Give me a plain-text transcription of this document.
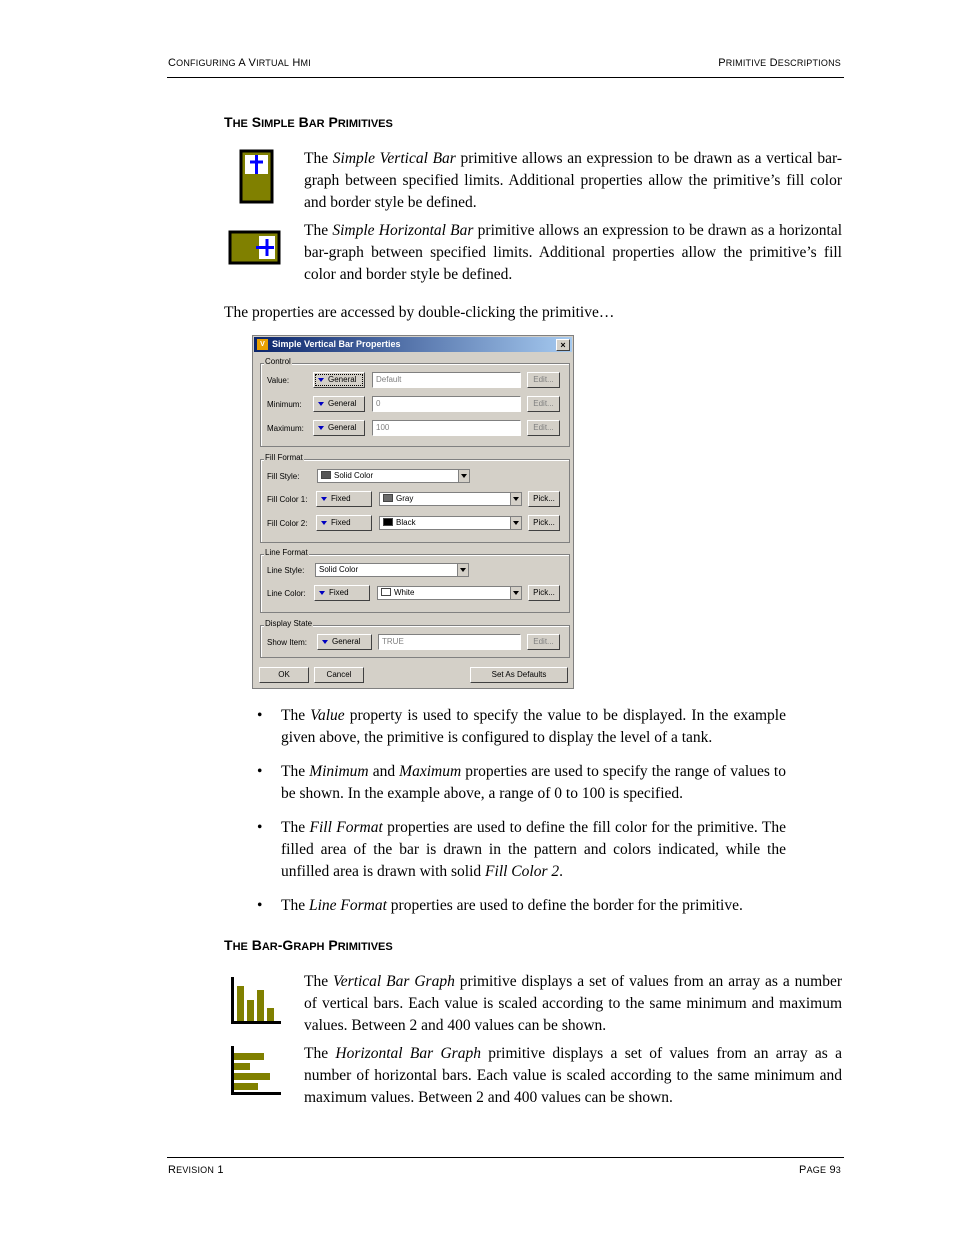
CONFIGURING A VIRTUAL HMI	PRIMITIVE DESCRIPTIONS
THE SIMPLE BAR PRIMITIVES

The Simple Vertical Bar primitive allows an expression to be drawn as a vertical bar-graph between specified limits. Additional properties allow the primitive’s fill color and border style be defined.

The Simple Horizontal Bar primitive allows an expression to be drawn as a horizontal bar-graph between specified limits. Additional properties allow the primitive’s fill color and border style be defined.

The properties are accessed by double-clicking the primitive…

V Simple Vertical Bar Properties	×
Control
Value:	General	Default	Edit...
Minimum:	General	0	Edit...
Maximum:	General	100	Edit...
Fill Format
Fill Style:	Solid Color
Fill Color 1:	Fixed	Gray	Pick...
Fill Color 2:	Fixed	Black	Pick...
Line Format
Line Style:	Solid Color
Line Color:	Fixed	White	Pick...
Display State
Show Item:	General	TRUE	Edit...
OK	Cancel	Set As Defaults
• The Value property is used to specify the value to be displayed. In the example given above, the primitive is configured to display the level of a tank.
• The Minimum and Maximum properties are used to specify the range of values to be shown. In the example above, a range of 0 to 100 is specified.
• The Fill Format properties are used to define the fill color for the primitive. The filled area of the bar is drawn in the pattern and colors indicated, while the unfilled area is drawn with solid Fill Color 2.
• The Line Format properties are used to define the border for the primitive.
THE BAR-GRAPH PRIMITIVES

The Vertical Bar Graph primitive displays a set of values from an array as a number of vertical bars. Each value is scaled according to the same minimum and maximum values. Between 2 and 400 values can be shown.

The Horizontal Bar Graph primitive displays a set of values from an array as a number of horizontal bars. Each value is scaled according to the same minimum and maximum values. Between 2 and 400 values can be shown.

REVISION 1	PAGE 93
